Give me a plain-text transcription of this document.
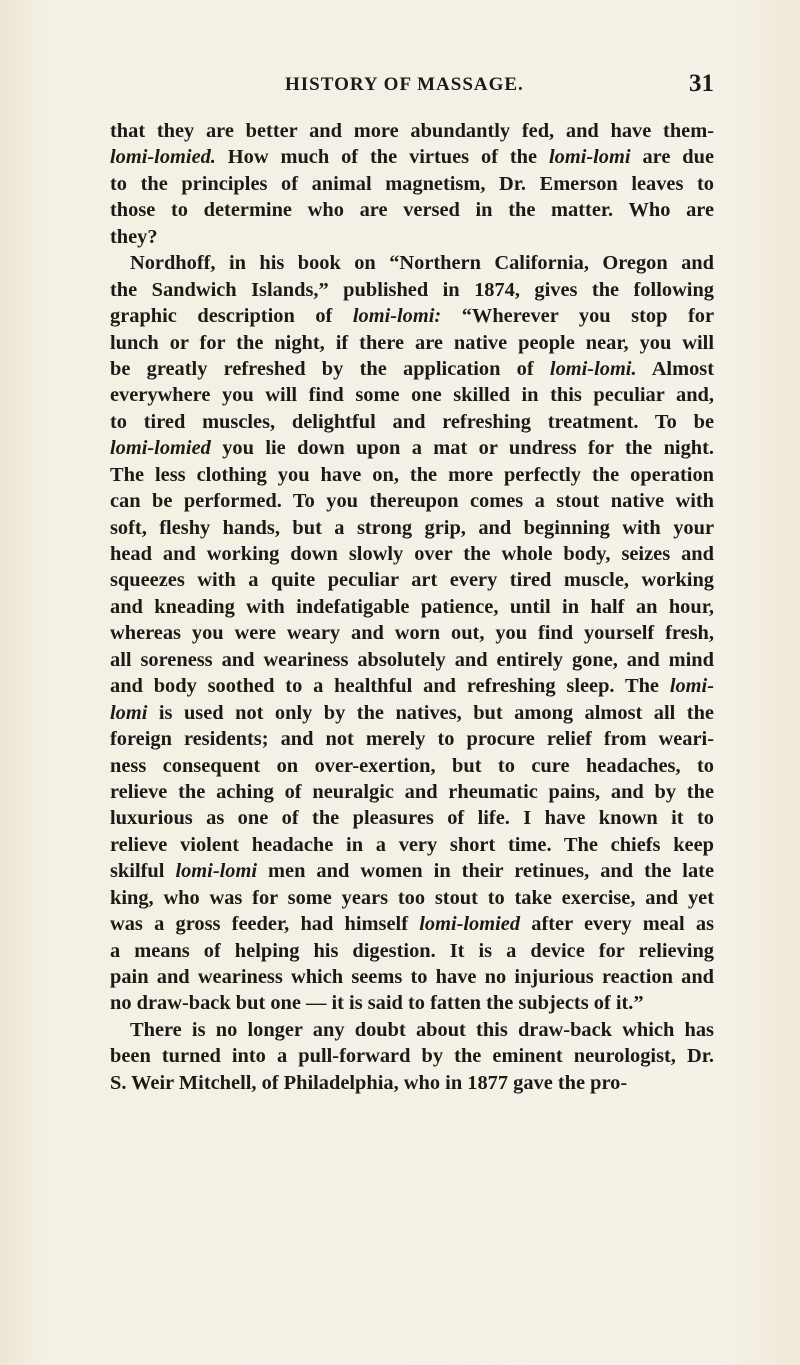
HISTORY OF MASSAGE.	31
that they are better and more abundantly fed, and have them-
lomi-lomied. How much of the virtues of the lomi-lomi are due
to the principles of animal magnetism, Dr. Emerson leaves to
those to determine who are versed in the matter. Who are
they?
Nordhoff, in his book on “Northern California, Oregon and
the Sandwich Islands,” published in 1874, gives the following
graphic description of lomi-lomi: “Wherever you stop for
lunch or for the night, if there are native people near, you will
be greatly refreshed by the application of lomi-lomi. Almost
everywhere you will find some one skilled in this peculiar and,
to tired muscles, delightful and refreshing treatment. To be
lomi-lomied you lie down upon a mat or undress for the night.
The less clothing you have on, the more perfectly the operation
can be performed. To you thereupon comes a stout native with
soft, fleshy hands, but a strong grip, and beginning with your
head and working down slowly over the whole body, seizes and
squeezes with a quite peculiar art every tired muscle, working
and kneading with indefatigable patience, until in half an hour,
whereas you were weary and worn out, you find yourself fresh,
all soreness and weariness absolutely and entirely gone, and mind
and body soothed to a healthful and refreshing sleep. The lomi-
lomi is used not only by the natives, but among almost all the
foreign residents; and not merely to procure relief from weari-
ness consequent on over-exertion, but to cure headaches, to
relieve the aching of neuralgic and rheumatic pains, and by the
luxurious as one of the pleasures of life. I have known it to
relieve violent headache in a very short time. The chiefs keep
skilful lomi-lomi men and women in their retinues, and the late
king, who was for some years too stout to take exercise, and yet
was a gross feeder, had himself lomi-lomied after every meal as
a means of helping his digestion. It is a device for relieving
pain and weariness which seems to have no injurious reaction and
no draw-back but one — it is said to fatten the subjects of it.”
There is no longer any doubt about this draw-back which has
been turned into a pull-forward by the eminent neurologist, Dr.
S. Weir Mitchell, of Philadelphia, who in 1877 gave the pro-
